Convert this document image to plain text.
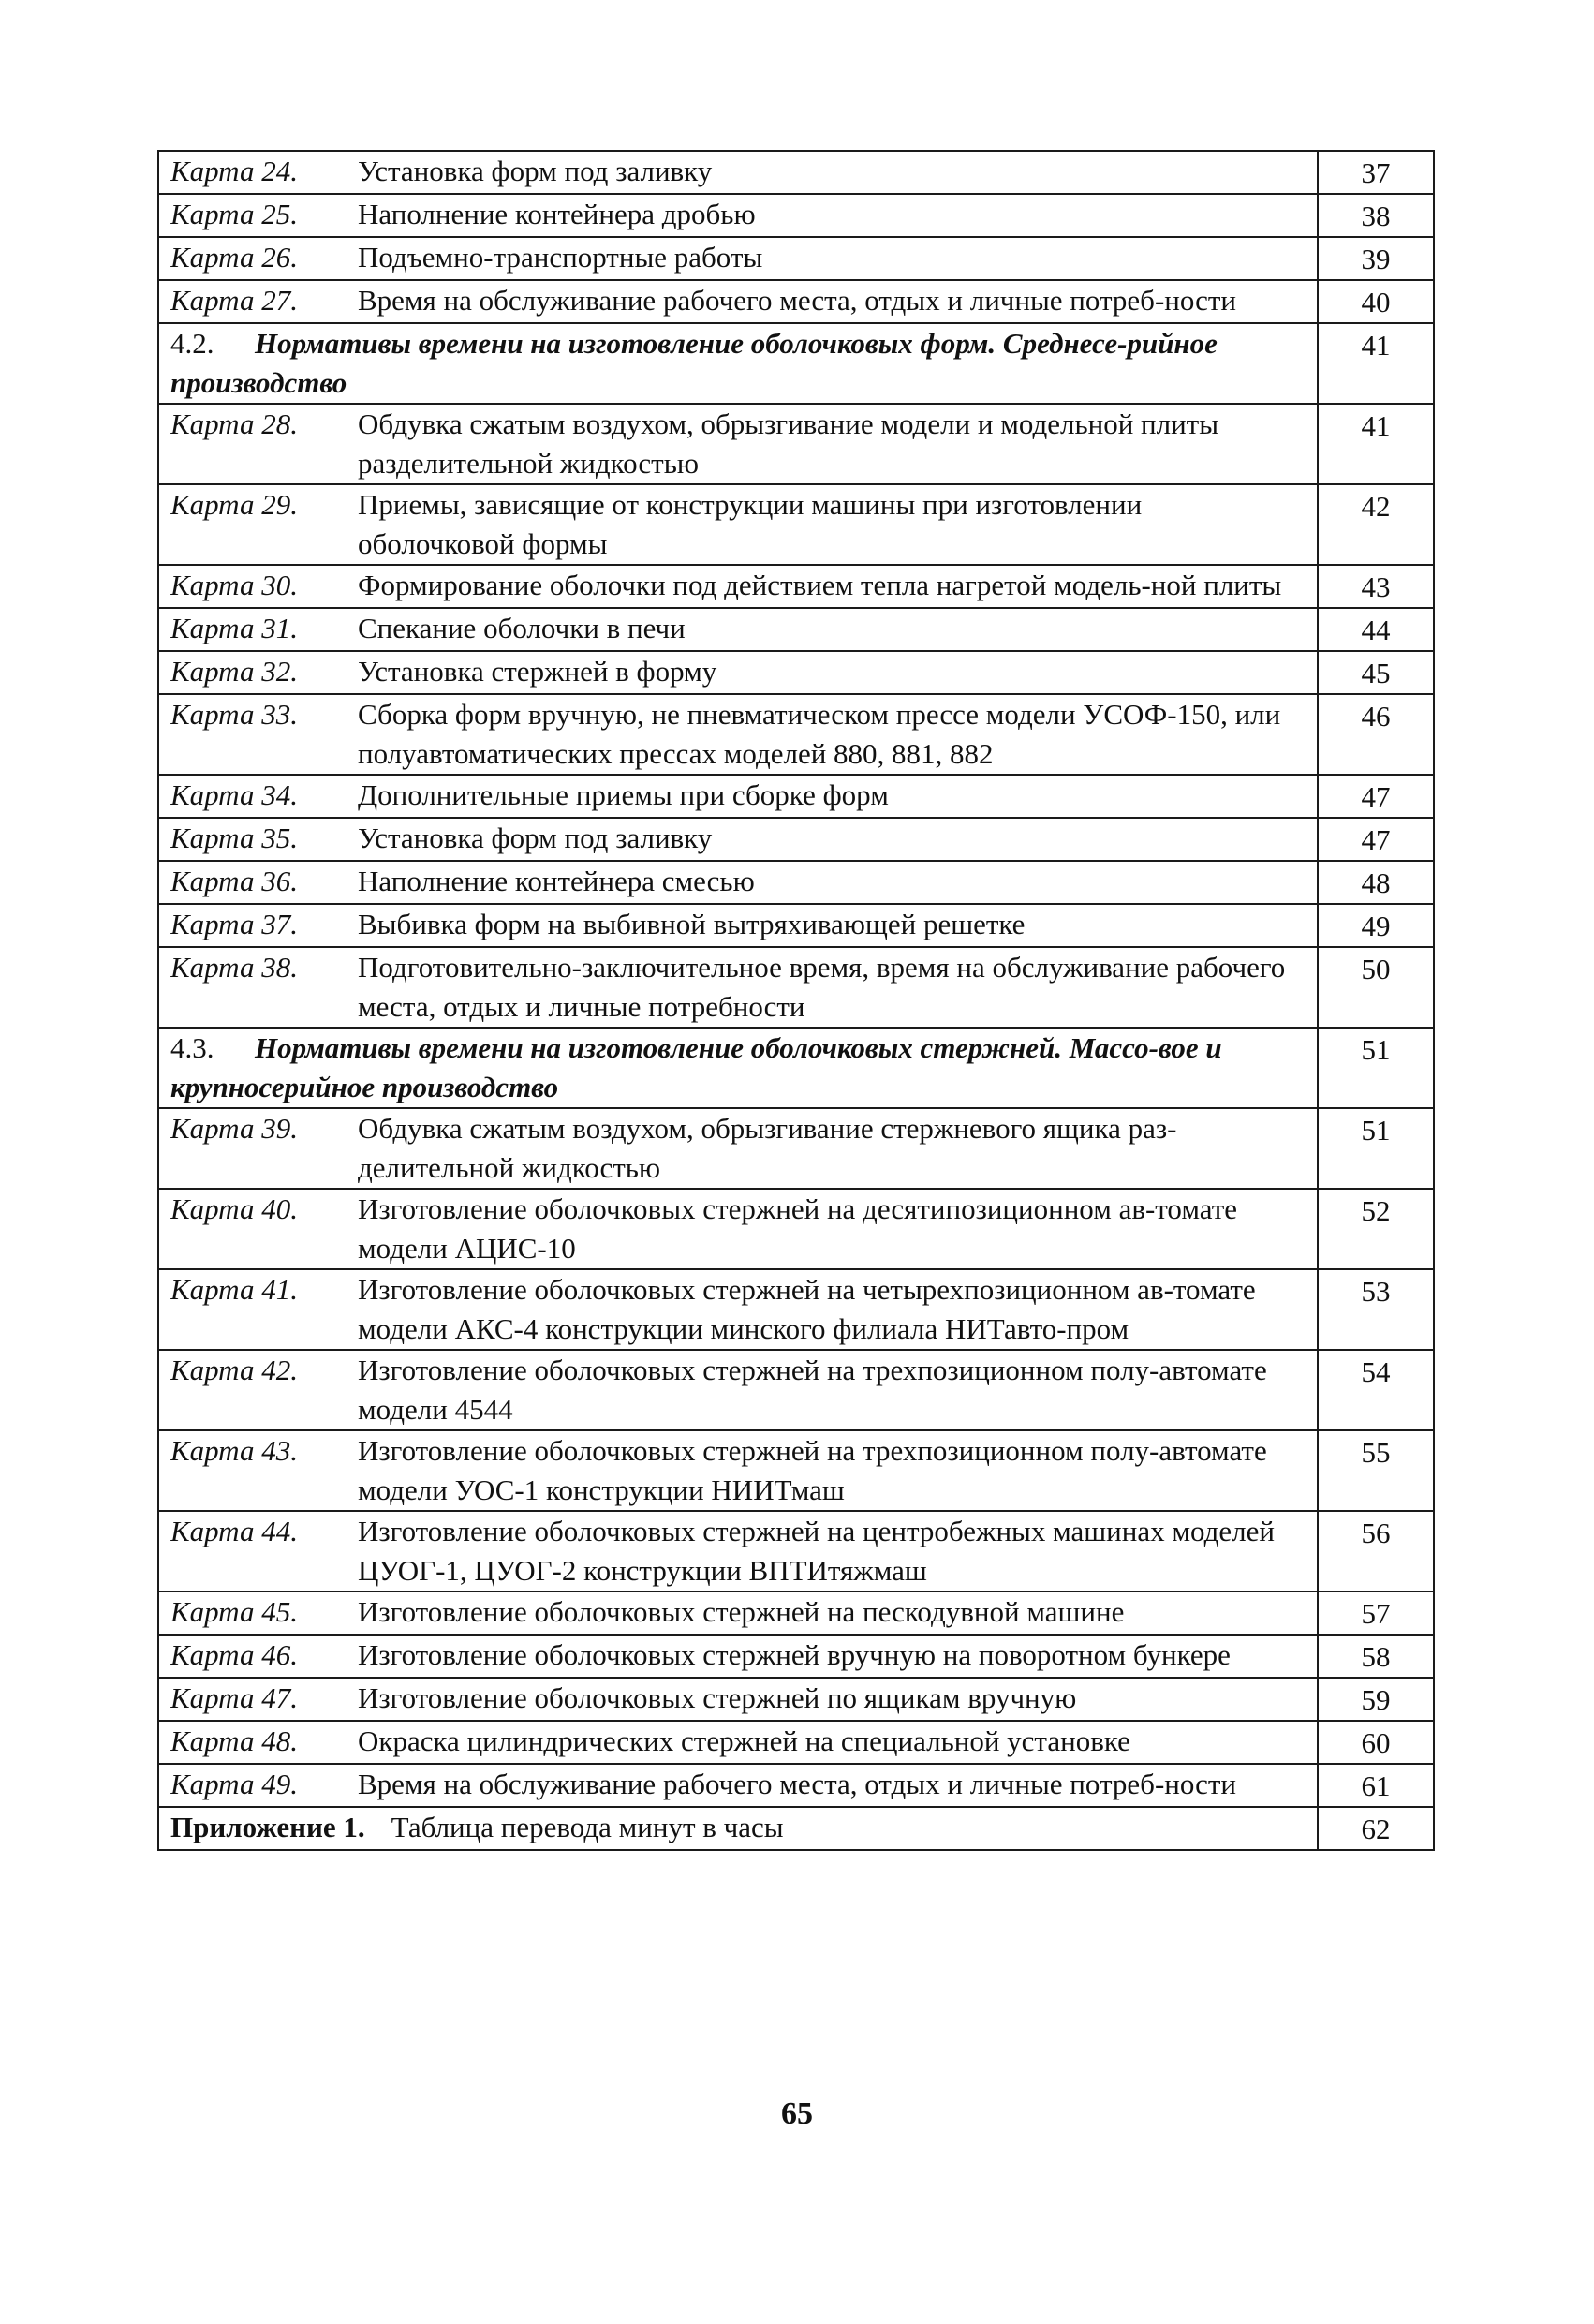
Карта 24. Установка форм под заливку	37
Карта 25. Наполнение контейнера дробью	38
Карта 26. Подъемно-транспортные работы	39
Карта 27. Время на обслуживание рабочего места, отдых и личные потреб-ности	40
4.2. Нормативы времени на изготовление оболочковых форм. Среднесе-рийное производство	41
Карта 28. Обдувка сжатым воздухом, обрызгивание модели и модельной плиты разделительной жидкостью	41
Карта 29. Приемы, зависящие от конструкции машины при изготовлении оболочковой формы	42
Карта 30. Формирование оболочки под действием тепла нагретой модель-ной плиты	43
Карта 31. Спекание оболочки в печи	44
Карта 32. Установка стержней в форму	45
Карта 33. Сборка форм вручную, не пневматическом прессе модели УСОФ-150, или полуавтоматических прессах моделей 880, 881, 882	46
Карта 34. Дополнительные приемы при сборке форм	47
Карта 35. Установка форм под заливку	47
Карта 36. Наполнение контейнера смесью	48
Карта 37. Выбивка форм на выбивной вытряхивающей решетке	49
Карта 38. Подготовительно-заключительное время, время на обслуживание рабочего места, отдых и личные потребности	50
4.3. Нормативы времени на изготовление оболочковых стержней. Массо-вое и крупносерийное производство	51
Карта 39. Обдувка сжатым воздухом, обрызгивание стержневого ящика раз-делительной жидкостью	51
Карта 40. Изготовление оболочковых стержней на десятипозиционном ав-томате модели АЦИС-10	52
Карта 41. Изготовление оболочковых стержней на четырехпозиционном ав-томате модели АКС-4 конструкции минского филиала НИТавто-пром	53
Карта 42. Изготовление оболочковых стержней на трехпозиционном полу-автомате модели 4544	54
Карта 43. Изготовление оболочковых стержней на трехпозиционном полу-автомате модели УОС-1 конструкции НИИТмаш	55
Карта 44. Изготовление оболочковых стержней на центробежных машинах моделей ЦУОГ-1, ЦУОГ-2 конструкции ВПТИтяжмаш	56
Карта 45. Изготовление оболочковых стержней на пескодувной машине	57
Карта 46. Изготовление оболочковых стержней вручную на поворотном бункере	58
Карта 47. Изготовление оболочковых стержней по ящикам вручную	59
Карта 48. Окраска цилиндрических стержней на специальной установке	60
Карта 49. Время на обслуживание рабочего места, отдых и личные потреб-ности	61
Приложение 1. Таблица перевода минут в часы	62
65
